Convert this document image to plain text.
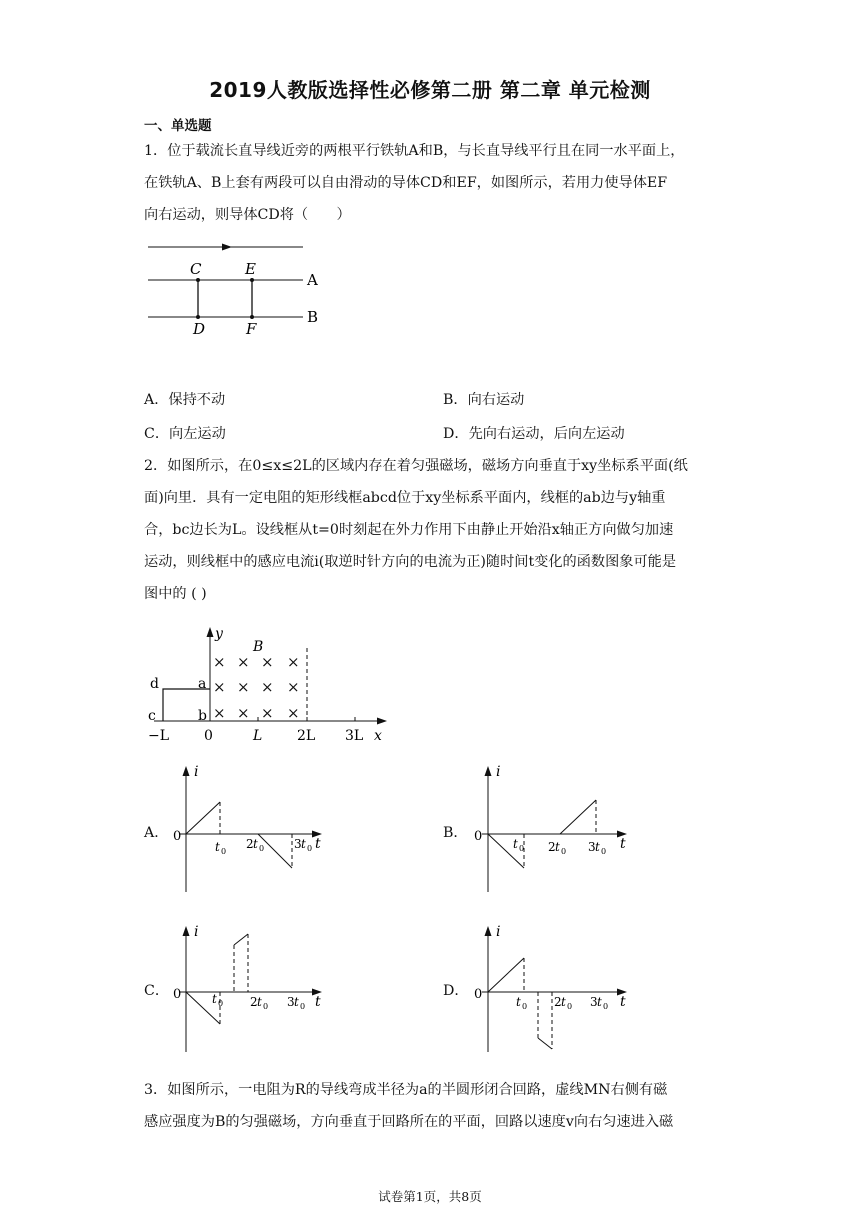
2019人教版选择性必修第二册 第二章 单元检测
一、单选题
1．位于载流长直导线近旁的两根平行铁轨A和B，与长直导线平行且在同一水平面上，
在铁轨A、B上套有两段可以自由滑动的导体CD和EF，如图所示，若用力使导体EF
向右运动，则导体CD将（　　）
C	E
D	F
A
B
A．保持不动	B．向右运动
C．向左运动	D．先向右运动，后向左运动
2．如图所示，在0≤x≤2L的区域内存在着匀强磁场，磁场方向垂直于xy坐标系平面(纸
面)向里．具有一定电阻的矩形线框abcd位于xy坐标系平面内，线框的ab边与y轴重
合，bc边长为L。设线框从t=0时刻起在外力作用下由静止开始沿x轴正方向做匀加速
运动，则线框中的感应电流i(取逆时针方向的电流为正)随时间t变化的函数图象可能是
图中的 ( )
y
x
B
d	a
c	b
× × × ×
× × × ×
× × × ×
−L 0	L 2L 3L
A．	B．
C．	D．
i
t
0
t 0
2 t 0 3 t 0
i
t
0	t 0 2 t 0 3 t 0
i
t
0	t 0 2 t 0 3 t 0
i
t
0	t 0 2 t 0 3 t 0
3．如图所示，一电阻为R的导线弯成半径为a的半圆形闭合回路，虚线MN右侧有磁
感应强度为B的匀强磁场，方向垂直于回路所在的平面，回路以速度v向右匀速进入磁
试卷第1页，共8页
